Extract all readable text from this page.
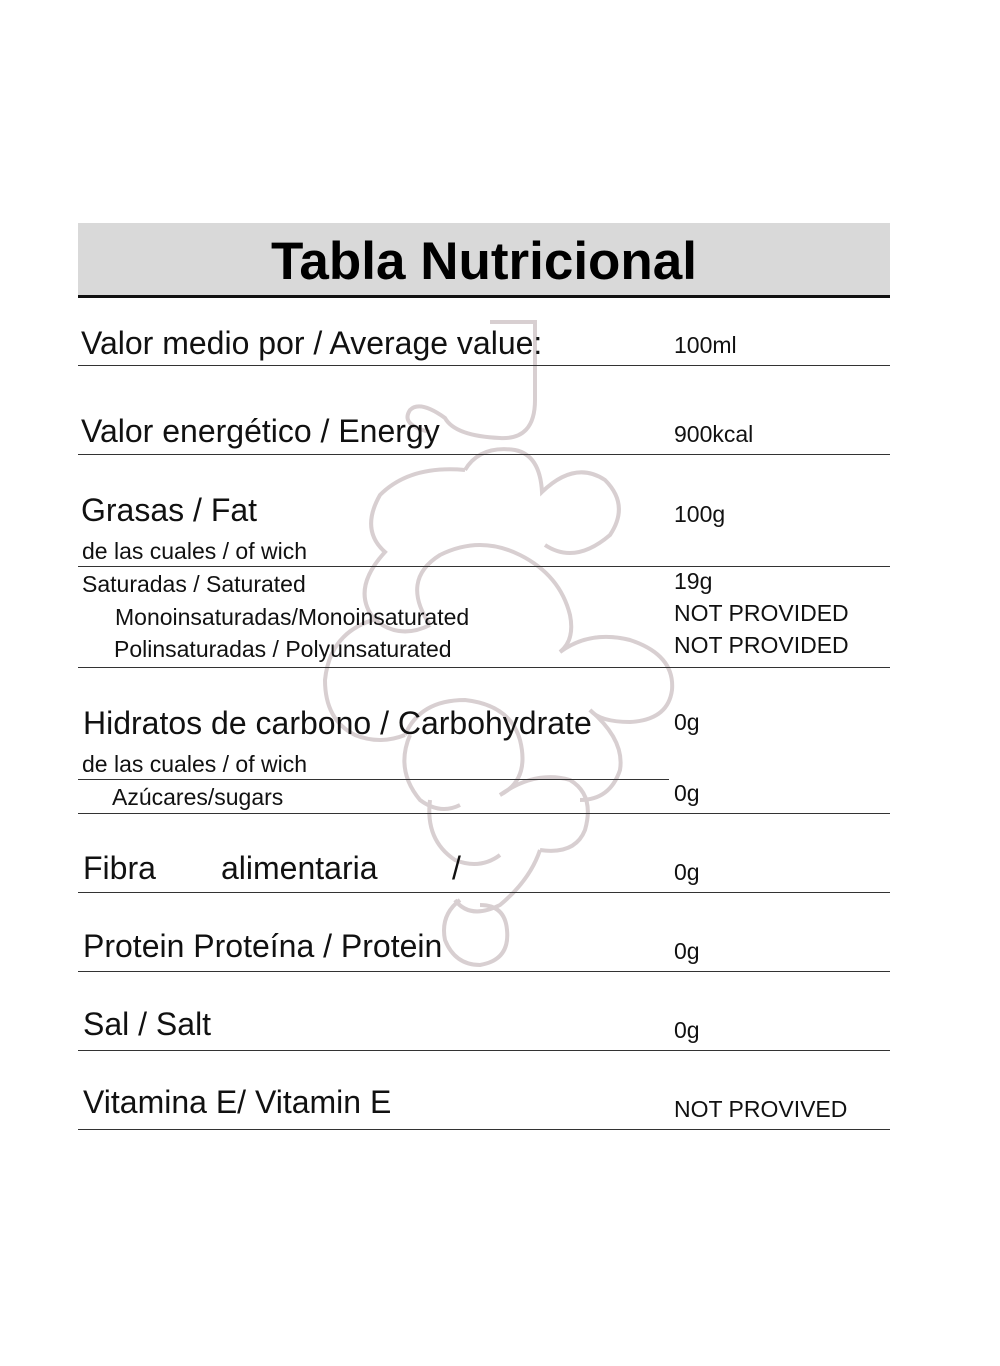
Tabla Nutricional
Valor medio por / Average value:	100ml
Valor energético / Energy	900kcal
Grasas / Fat	100g
de las cuales / of wich
Saturadas / Saturated	19g
Monoinsaturadas/Monoinsaturated	NOT PROVIDED
Polinsaturadas / Polyunsaturated	NOT PROVIDED
Hidratos de carbono / Carbohydrate	0g
de las cuales / of wich
Azúcares/sugars	0g
Fibra alimentaria /	0g
Protein Proteína / Protein	0g
Sal / Salt	0g
Vitamina E/ Vitamin E	NOT PROVIVED
